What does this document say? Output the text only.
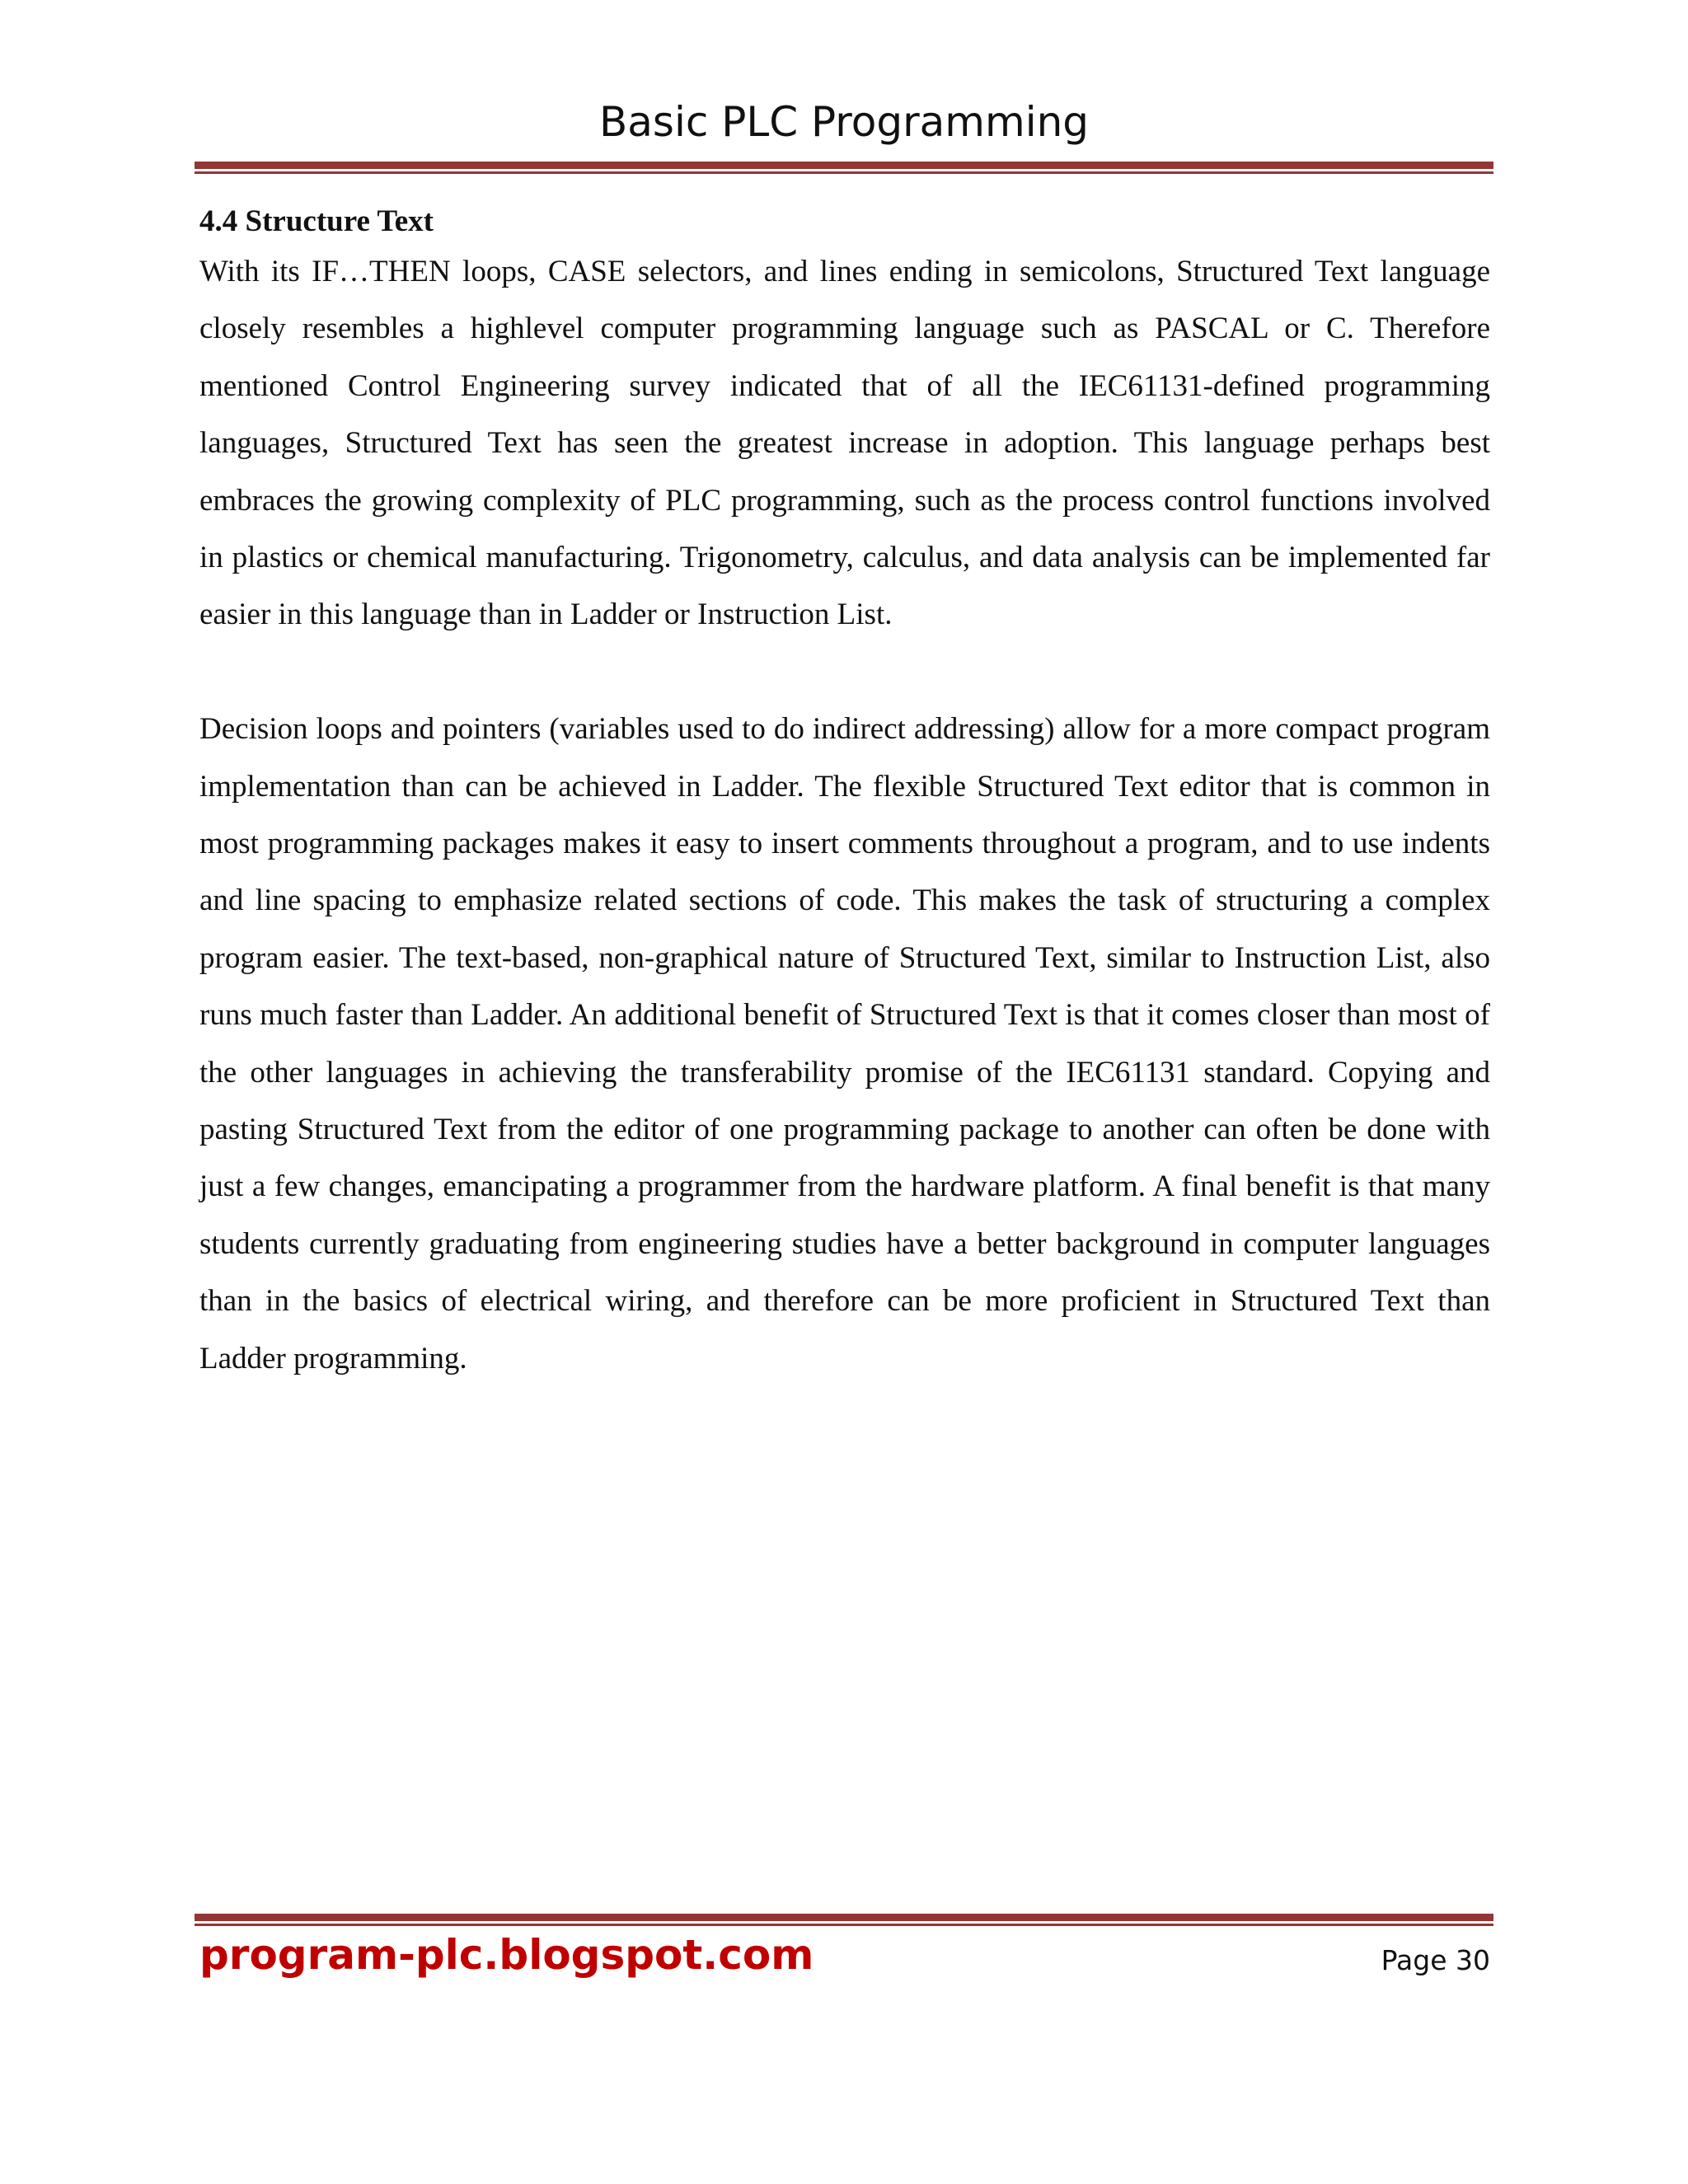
Basic PLC Programming
4.4 Structure Text

With its IF…THEN loops, CASE selectors, and lines ending in semicolons, Structured Text language closely resembles a highlevel computer programming language such as PASCAL or C. Therefore mentioned Control Engineering survey indicated that of all the IEC61131-defined programming languages, Structured Text has seen the greatest increase in adoption. This language perhaps best embraces the growing complexity of PLC programming, such as the process control functions involved in plastics or chemical manufacturing. Trigonometry, calculus, and data analysis can be implemented far easier in this language than in Ladder or Instruction List.

Decision loops and pointers (variables used to do indirect addressing) allow for a more compact program implementation than can be achieved in Ladder. The flexible Structured Text editor that is common in most programming packages makes it easy to insert comments throughout a program, and to use indents and line spacing to emphasize related sections of code. This makes the task of structuring a complex program easier. The text-based, non-graphical nature of Structured Text, similar to Instruction List, also runs much faster than Ladder. An additional benefit of Structured Text is that it comes closer than most of the other languages in achieving the transferability promise of the IEC61131 standard. Copying and pasting Structured Text from the editor of one programming package to another can often be done with just a few changes, emancipating a programmer from the hardware platform. A final benefit is that many students currently graduating from engineering studies have a better background in computer languages than in the basics of electrical wiring, and therefore can be more proficient in Structured Text than Ladder programming.

program-plc.blogspot.com	Page 30
